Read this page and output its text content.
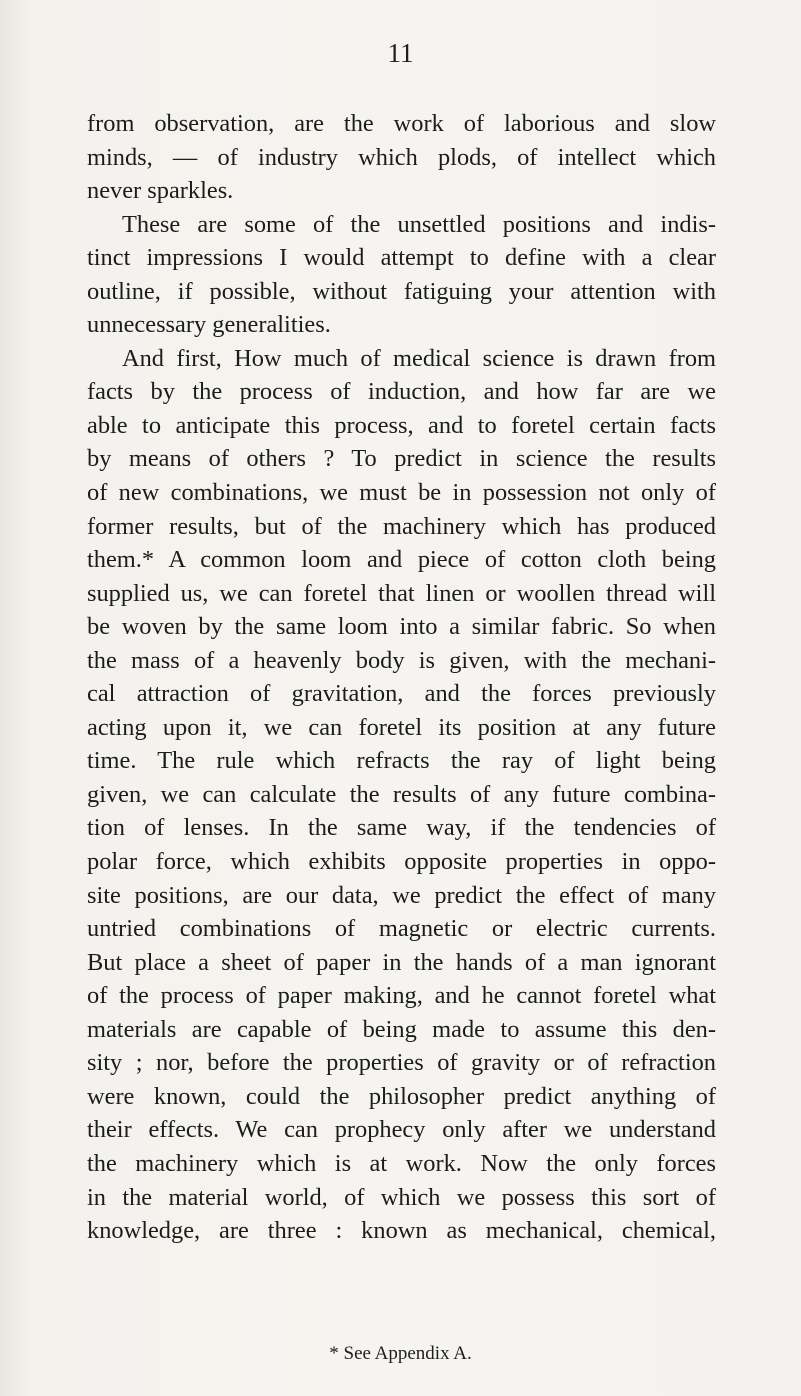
11
from observation, are the work of laborious and slow
minds, — of industry which plods, of intellect which
never sparkles.
These are some of the unsettled positions and indis-
tinct impressions I would attempt to define with a clear
outline, if possible, without fatiguing your attention with
unnecessary generalities.
And first, How much of medical science is drawn from
facts by the process of induction, and how far are we
able to anticipate this process, and to foretel certain facts
by means of others ? To predict in science the results
of new combinations, we must be in possession not only of
former results, but of the machinery which has produced
them.* A common loom and piece of cotton cloth being
supplied us, we can foretel that linen or woollen thread will
be woven by the same loom into a similar fabric. So when
the mass of a heavenly body is given, with the mechani-
cal attraction of gravitation, and the forces previously
acting upon it, we can foretel its position at any future
time. The rule which refracts the ray of light being
given, we can calculate the results of any future combina-
tion of lenses. In the same way, if the tendencies of
polar force, which exhibits opposite properties in oppo-
site positions, are our data, we predict the effect of many
untried combinations of magnetic or electric currents.
But place a sheet of paper in the hands of a man ignorant
of the process of paper making, and he cannot foretel what
materials are capable of being made to assume this den-
sity ; nor, before the properties of gravity or of refraction
were known, could the philosopher predict anything of
their effects. We can prophecy only after we understand
the machinery which is at work. Now the only forces
in the material world, of which we possess this sort of
knowledge, are three : known as mechanical, chemical,
* See Appendix A.
